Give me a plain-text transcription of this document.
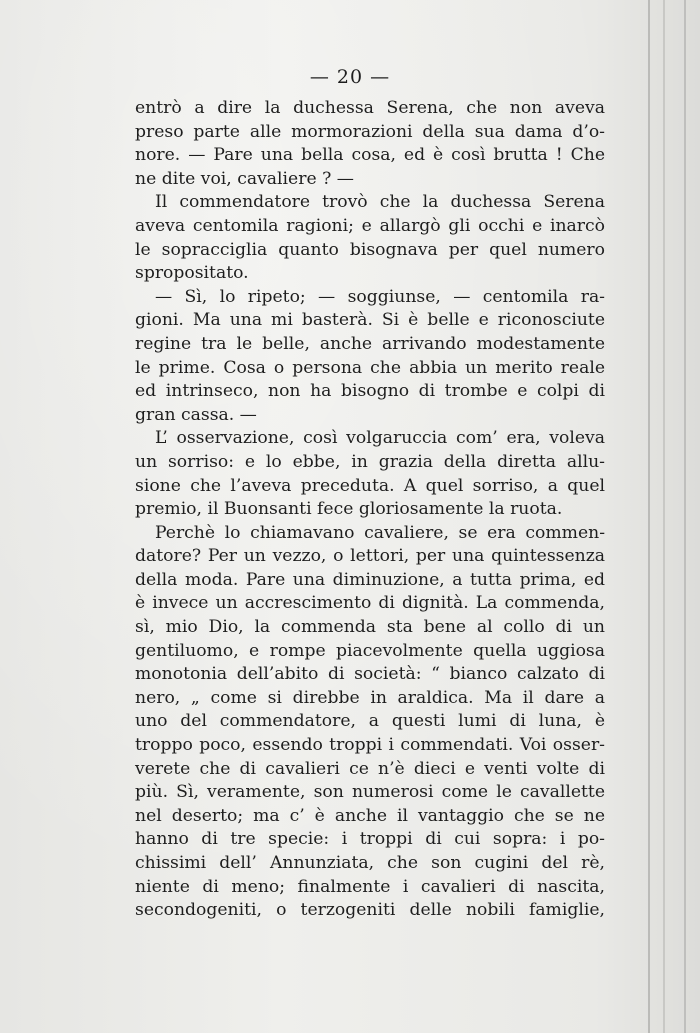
— 20 —
entrò a dire la duchessa Serena, che non aveva
preso parte alle mormorazioni della sua dama d’o-
nore. — Pare una bella cosa, ed è così brutta ! Che
ne dite voi, cavaliere ? —
Il commendatore trovò che la duchessa Serena
aveva centomila ragioni; e allargò gli occhi e inarcò
le sopracciglia quanto bisognava per quel numero
spropositato.
— Sì, lo ripeto; — soggiunse, — centomila ra-
gioni. Ma una mi basterà. Si è belle e riconosciute
regine tra le belle, anche arrivando modestamente
le prime. Cosa o persona che abbia un merito reale
ed intrinseco, non ha bisogno di trombe e colpi di
gran cassa. —
L’ osservazione, così volgaruccia com’ era, voleva
un sorriso: e lo ebbe, in grazia della diretta allu-
sione che l’aveva preceduta. A quel sorriso, a quel
premio, il Buonsanti fece gloriosamente la ruota.
Perchè lo chiamavano cavaliere, se era commen-
datore? Per un vezzo, o lettori, per una quintessenza
della moda. Pare una diminuzione, a tutta prima, ed
è invece un accrescimento di dignità. La commenda,
sì, mio Dio, la commenda sta bene al collo di un
gentiluomo, e rompe piacevolmente quella uggiosa
monotonia dell’abito di società: “ bianco calzato di
nero, „ come si direbbe in araldica. Ma il dare a
uno del commendatore, a questi lumi di luna, è
troppo poco, essendo troppi i commendati. Voi osser-
verete che di cavalieri ce n’è dieci e venti volte di
più. Sì, veramente, son numerosi come le cavallette
nel deserto; ma c’ è anche il vantaggio che se ne
hanno di tre specie: i troppi di cui sopra: i po-
chissimi dell’ Annunziata, che son cugini del rè,
niente di meno; finalmente i cavalieri di nascita,
secondogeniti, o terzogeniti delle nobili famiglie,
